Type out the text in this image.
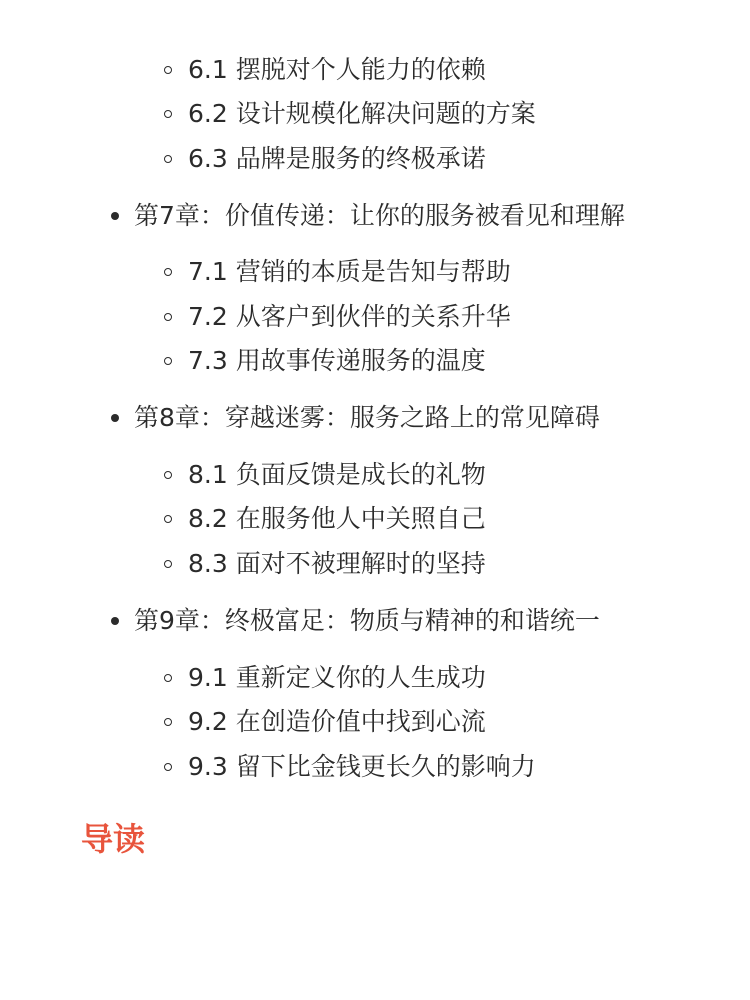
6.1 摆脱对个人能力的依赖
6.2 设计规模化解决问题的方案
6.3 品牌是服务的终极承诺
第7章：价值传递：让你的服务被看见和理解
7.1 营销的本质是告知与帮助
7.2 从客户到伙伴的关系升华
7.3 用故事传递服务的温度
第8章：穿越迷雾：服务之路上的常见障碍
8.1 负面反馈是成长的礼物
8.2 在服务他人中关照自己
8.3 面对不被理解时的坚持
第9章：终极富足：物质与精神的和谐统一
9.1 重新定义你的人生成功
9.2 在创造价值中找到心流
9.3 留下比金钱更长久的影响力
导读
